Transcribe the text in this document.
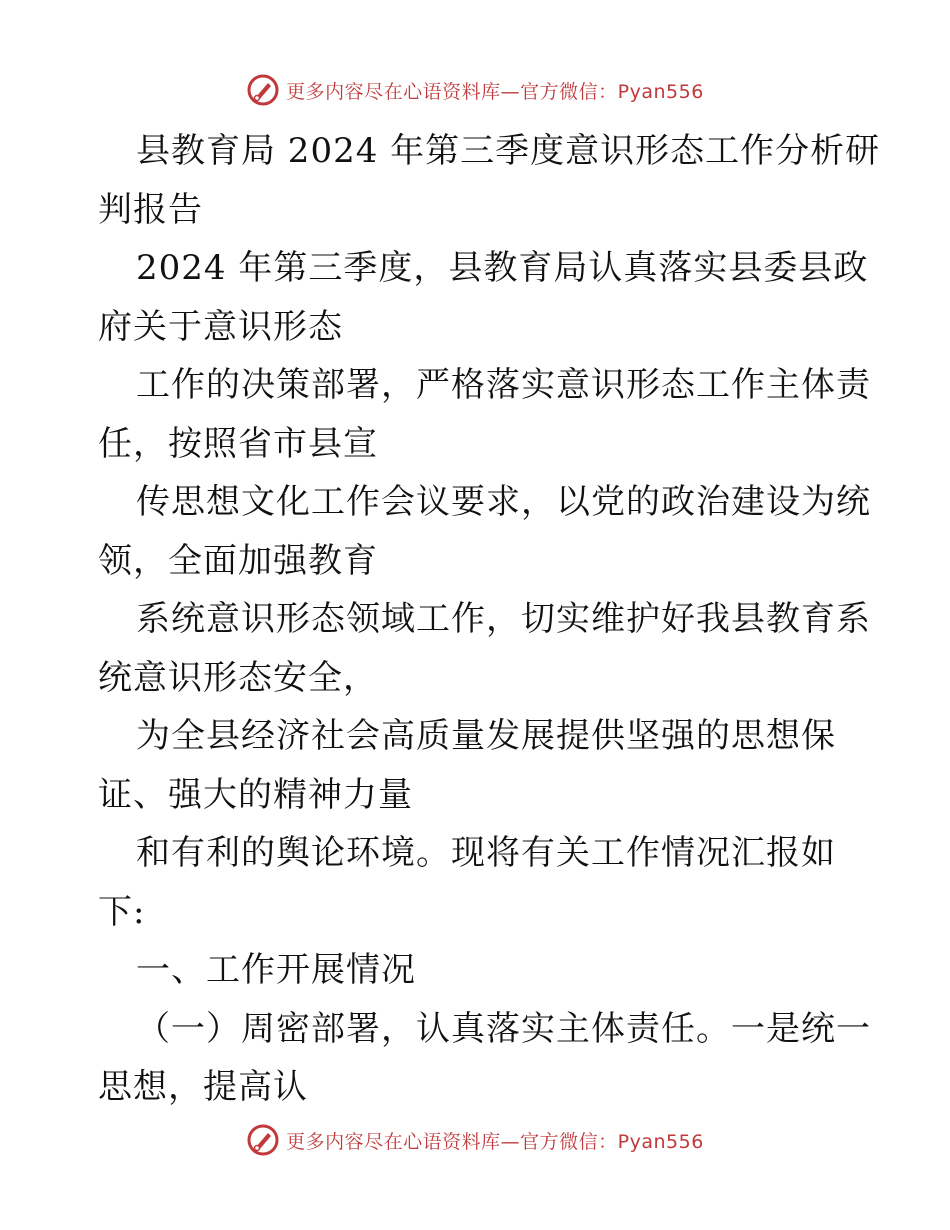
更多内容尽在心语资料库—官方微信：Pyan556
县教育局 2024 年第三季度意识形态工作分析研
判报告
2024 年第三季度，县教育局认真落实县委县政
府关于意识形态
工作的决策部署，严格落实意识形态工作主体责
任，按照省市县宣
传思想文化工作会议要求，以党的政治建设为统
领，全面加强教育
系统意识形态领域工作，切实维护好我县教育系
统意识形态安全，
为全县经济社会高质量发展提供坚强的思想保
证、强大的精神力量
和有利的舆论环境。现将有关工作情况汇报如
下:
一、工作开展情况
（一）周密部署，认真落实主体责任。一是统一
思想，提高认
更多内容尽在心语资料库—官方微信：Pyan556
